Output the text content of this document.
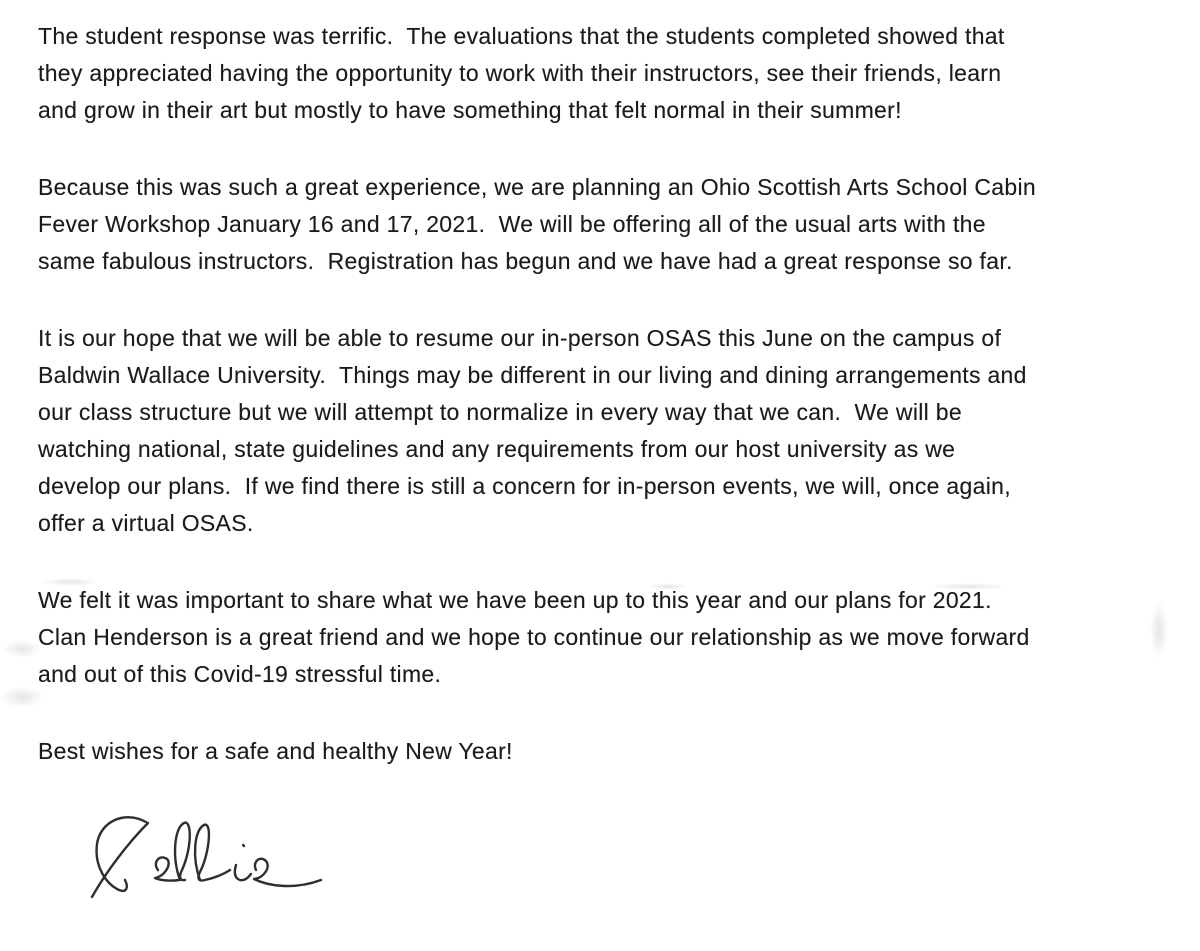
The student response was terrific.  The evaluations that the students completed showed that
they appreciated having the opportunity to work with their instructors, see their friends, learn
and grow in their art but mostly to have something that felt normal in their summer!
Because this was such a great experience, we are planning an Ohio Scottish Arts School Cabin
Fever Workshop January 16 and 17, 2021.  We will be offering all of the usual arts with the
same fabulous instructors.  Registration has begun and we have had a great response so far.
It is our hope that we will be able to resume our in-person OSAS this June on the campus of
Baldwin Wallace University.  Things may be different in our living and dining arrangements and
our class structure but we will attempt to normalize in every way that we can.  We will be
watching national, state guidelines and any requirements from our host university as we
develop our plans.  If we find there is still a concern for in-person events, we will, once again,
offer a virtual OSAS.
We felt it was important to share what we have been up to this year and our plans for 2021.
Clan Henderson is a great friend and we hope to continue our relationship as we move forward
and out of this Covid-19 stressful time.
Best wishes for a safe and healthy New Year!
